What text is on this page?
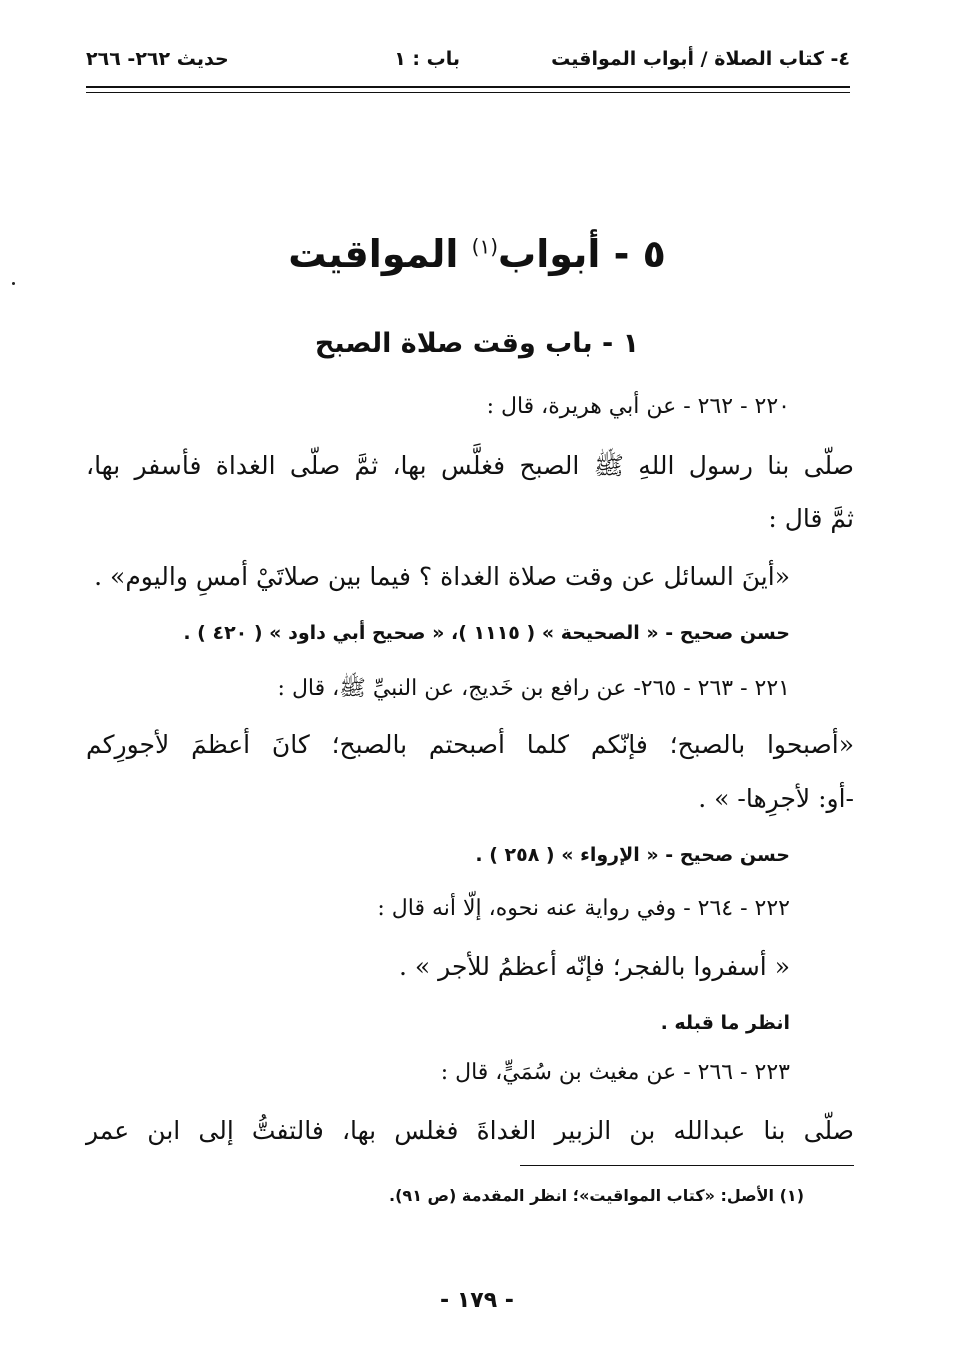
٤- كتاب الصلاة / أبواب المواقيت
باب : ١
حديث ٢٦٢- ٢٦٦
٥ - أبواب$^{(١)}$ المواقيت
١ - باب وقت صلاة الصبح
٢٢٠ - ٢٦٢ - عن أبي هريرة، قال :
صلّى بنا رسول اللهِ ﷺ الصبح فغلَّس بها، ثمَّ صلّى الغداة فأسفر بها،
ثمَّ قال :
«أينَ السائل عن وقت صلاة الغداة ؟ فيما بين صلاتَيْ أمسِ واليوم» .
حسن صحيح - « الصحيحة » ( ١١١٥ )، « صحيح أبي داود » ( ٤٢٠ ) .
٢٢١ - ٢٦٣ - ٢٦٥- عن رافع بن خَديج، عن النبيِّ ﷺ، قال :
«أصبحوا بالصبح؛ فإنّكم كلما أصبحتم بالصبح؛ كانَ أعظمَ لأجورِكم
-أو: لأجرِها- » .
حسن صحيح - « الإرواء » ( ٢٥٨ ) .
٢٢٢ - ٢٦٤ - وفي رواية عنه نحوه، إلّا أنه قال :
« أسفروا بالفجر؛ فإنّه أعظمُ للأجر » .
انظر ما قبله .
٢٢٣ - ٢٦٦ - عن مغيث بن سُمَيٍّ، قال :
صلّى بنا عبدالله بن الزبير الغداةَ فغلس بها، فالتفتُّ إلى ابن عمر
(١) الأصل: «كتاب المواقيت»؛ انظر المقدمة (ص ٩١).
- ١٧٩ -
